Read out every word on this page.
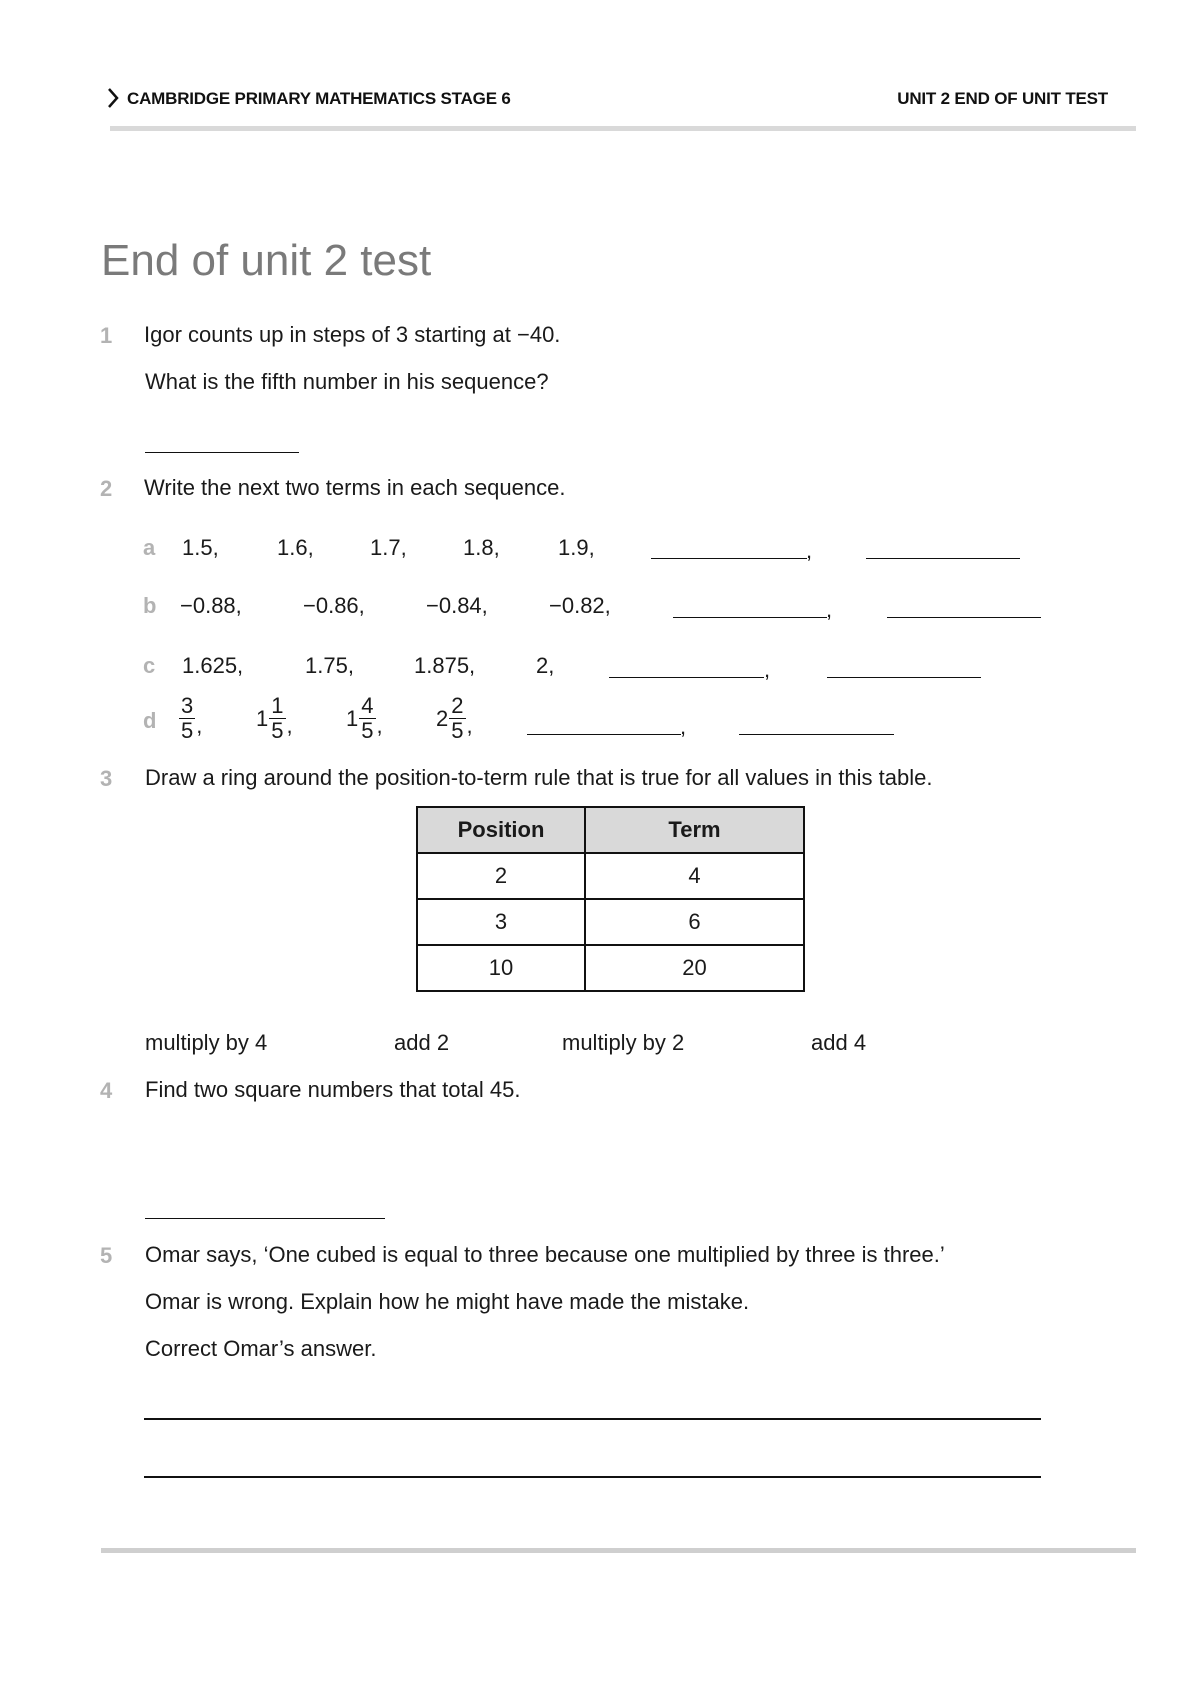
CAMBRIDGE PRIMARY MATHEMATICS STAGE 6	UNIT 2 END OF UNIT TEST
End of unit 2 test
1 Igor counts up in steps of 3 starting at −40.
What is the fifth number in his sequence?
2 Write the next two terms in each sequence.
a 1.5,	1.6,	1.7,	1.8,	1.9,	,
b −0.88,	−0.86,	−0.84,	−0.82,	,
c 1.625,	1.75,	1.875,	2,	,
d $\frac{3}{5}$ , $1 \frac{1}{5}$ , $1 \frac{4}{5}$ , $2 \frac{2}{5}$ ,	,
3 Draw a ring around the position-to-term rule that is true for all values in this table.
Position	Term
2	4
3	6
10	20
multiply by 4	add 2	multiply by 2	add 4
4 Find two square numbers that total 45.
5 Omar says, ‘One cubed is equal to three because one multiplied by three is three.’
Omar is wrong. Explain how he might have made the mistake.
Correct Omar’s answer.
